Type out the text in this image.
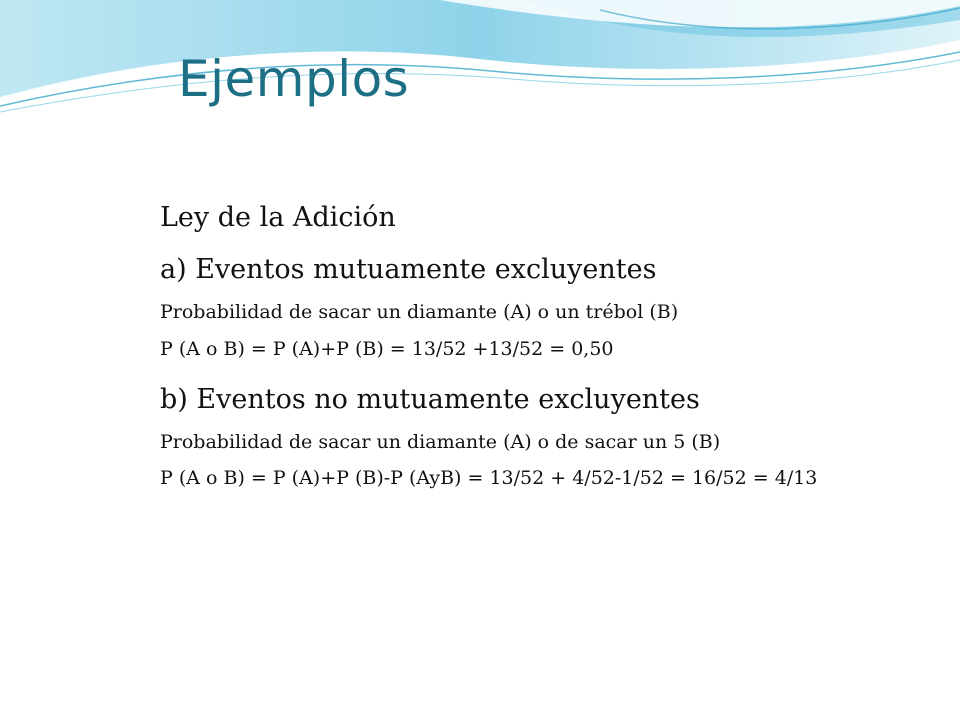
Ejemplos
Ley de la Adición
a) Eventos mutuamente excluyentes
Probabilidad de sacar un diamante (A) o un trébol (B)
P (A o B) = P (A)+P (B) = 13/52 +13/52 = 0,50
b) Eventos no mutuamente excluyentes
Probabilidad de sacar un diamante (A) o de sacar un 5 (B)
P (A o B) = P (A)+P (B)-P (AyB) = 13/52 + 4/52-1/52 = 16/52 = 4/13
